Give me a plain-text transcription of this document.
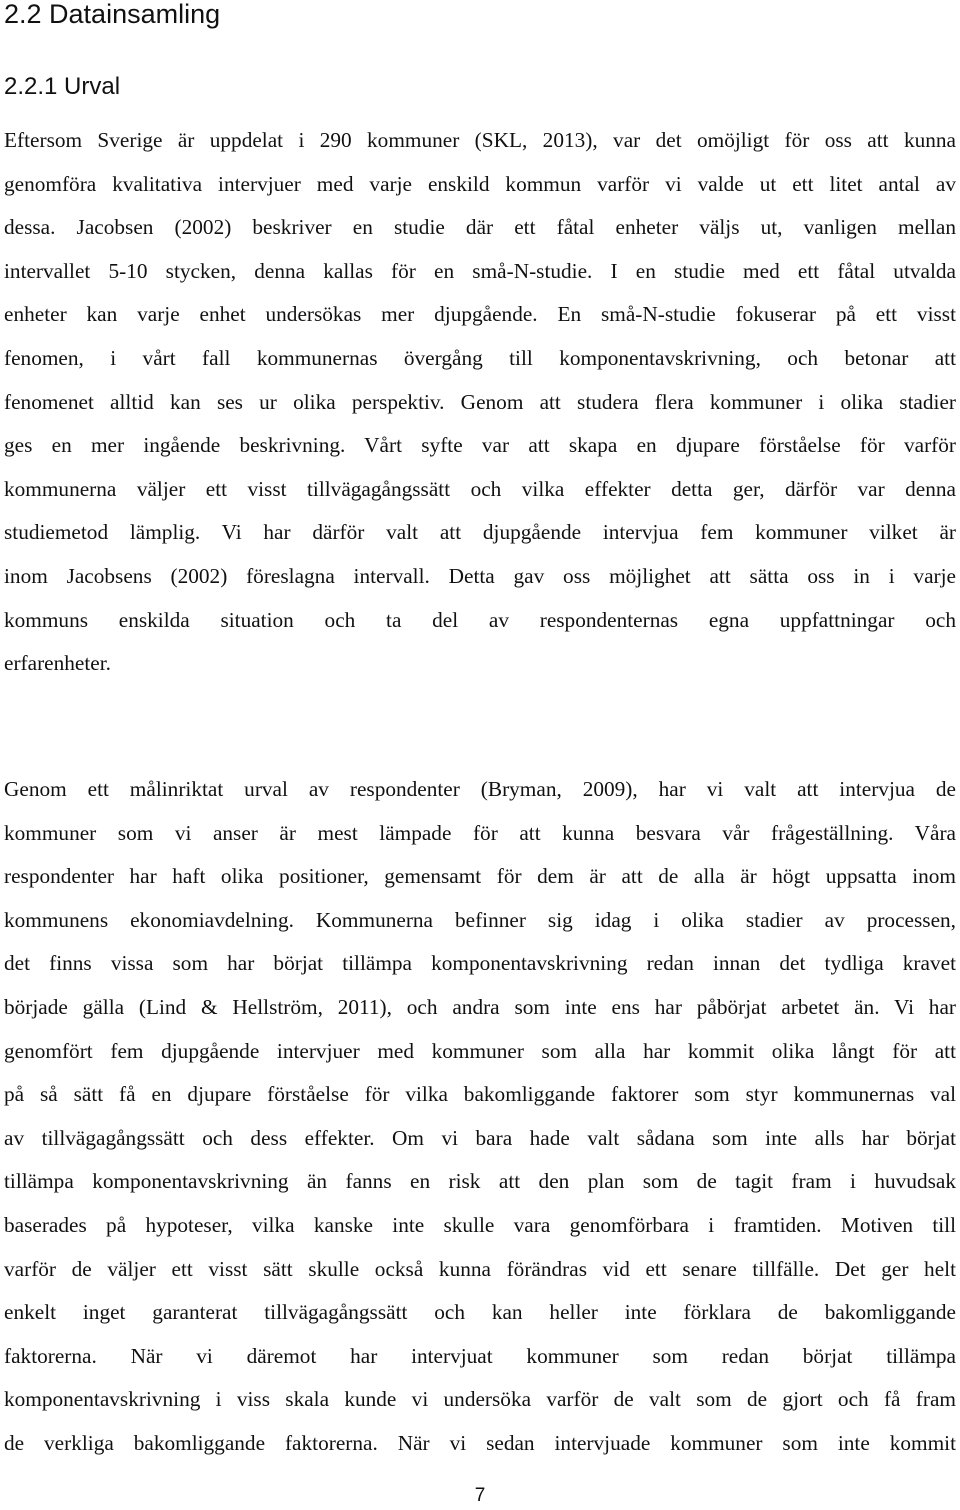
2.2 Datainsamling
2.2.1 Urval
Eftersom Sverige är uppdelat i 290 kommuner (SKL, 2013), var det omöjligt för oss att kunna
genomföra kvalitativa intervjuer med varje enskild kommun varför vi valde ut ett litet antal av
dessa. Jacobsen (2002) beskriver en studie där ett fåtal enheter väljs ut, vanligen mellan
intervallet 5-10 stycken, denna kallas för en små-N-studie. I en studie med ett fåtal utvalda
enheter kan varje enhet undersökas mer djupgående. En små-N-studie fokuserar på ett visst
fenomen, i vårt fall kommunernas övergång till komponentavskrivning, och betonar att
fenomenet alltid kan ses ur olika perspektiv. Genom att studera flera kommuner i olika stadier
ges en mer ingående beskrivning. Vårt syfte var att skapa en djupare förståelse för varför
kommunerna väljer ett visst tillvägagångssätt och vilka effekter detta ger, därför var denna
studiemetod lämplig. Vi har därför valt att djupgående intervjua fem kommuner vilket är
inom Jacobsens (2002) föreslagna intervall. Detta gav oss möjlighet att sätta oss in i varje
kommuns enskilda situation och ta del av respondenternas egna uppfattningar och
erfarenheter.
Genom ett målinriktat urval av respondenter (Bryman, 2009), har vi valt att intervjua de
kommuner som vi anser är mest lämpade för att kunna besvara vår frågeställning. Våra
respondenter har haft olika positioner, gemensamt för dem är att de alla är högt uppsatta inom
kommunens ekonomiavdelning. Kommunerna befinner sig idag i olika stadier av processen,
det finns vissa som har börjat tillämpa komponentavskrivning redan innan det tydliga kravet
började gälla (Lind & Hellström, 2011), och andra som inte ens har påbörjat arbetet än. Vi har
genomfört fem djupgående intervjuer med kommuner som alla har kommit olika långt för att
på så sätt få en djupare förståelse för vilka bakomliggande faktorer som styr kommunernas val
av tillvägagångssätt och dess effekter. Om vi bara hade valt sådana som inte alls har börjat
tillämpa komponentavskrivning än fanns en risk att den plan som de tagit fram i huvudsak
baserades på hypoteser, vilka kanske inte skulle vara genomförbara i framtiden. Motiven till
varför de väljer ett visst sätt skulle också kunna förändras vid ett senare tillfälle. Det ger helt
enkelt inget garanterat tillvägagångssätt och kan heller inte förklara de bakomliggande
faktorerna. När vi däremot har intervjuat kommuner som redan börjat tillämpa
komponentavskrivning i viss skala kunde vi undersöka varför de valt som de gjort och få fram
de verkliga bakomliggande faktorerna. När vi sedan intervjuade kommuner som inte kommit
7
